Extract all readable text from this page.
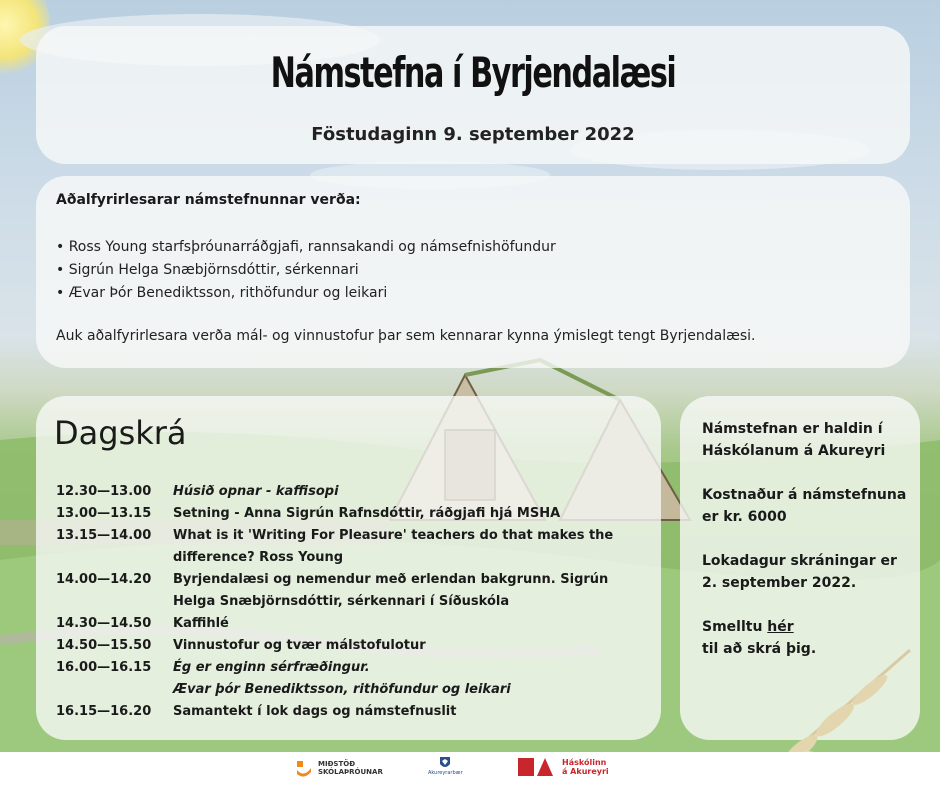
Námstefna í Byrjendalæsi
Föstudaginn 9. september 2022
Aðalfyrirlesarar námstefnunnar verða:
• Ross Young starfsþróunarráðgjafi, rannsakandi og námsefnishöfundur
• Sigrún Helga Snæbjörnsdóttir, sérkennari
• Ævar Þór Benediktsson, rithöfundur og leikari
Auk aðalfyrirlesara verða mál- og vinnustofur þar sem kennarar kynna ýmislegt tengt Byrjendalæsi.
Dagskrá
12.30—13.00	Húsið opnar - kaffisopi
13.00—13.15	Setning - Anna Sigrún Rafnsdóttir, ráðgjafi hjá MSHA
13.15—14.00	What is it 'Writing For Pleasure' teachers do that makes the
difference? Ross Young
14.00—14.20	Byrjendalæsi og nemendur með erlendan bakgrunn. Sigrún
Helga Snæbjörnsdóttir, sérkennari í Síðuskóla
14.30—14.50	Kaffihlé
14.50—15.50	Vinnustofur og tvær málstofulotur
16.00—16.15	Ég er enginn sérfræðingur.
Ævar þór Benediktsson, rithöfundur og leikari
16.15—16.20	Samantekt í lok dags og námstefnuslit

Námstefnan er haldin í Háskólanum á Akureyri

Kostnaður á námstefnuna er kr. 6000

Lokadagur skráningar er 2. september 2022.

Smelltu hér
til að skrá þig.

MIÐSTÖÐ
SKÓLAÞRÓUNAR	Akureyrarbær
Háskólinn
á Akureyri
